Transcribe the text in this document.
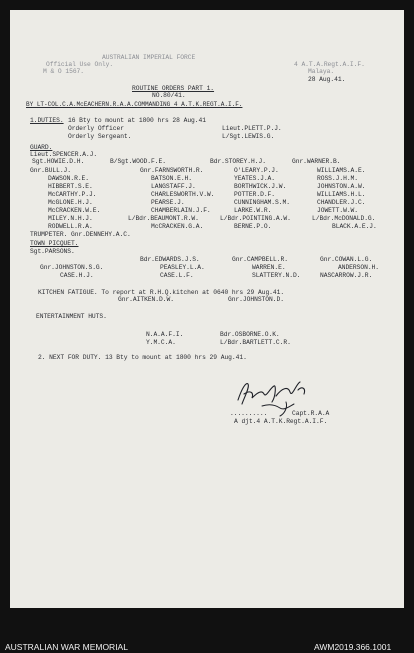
AUSTRALIAN IMPERIAL FORCE
Official Use Only.
M & O 1567.
4 A.T.A.Regt.A.I.F.
Malaya.
28 Aug.41.
ROUTINE ORDERS PART 1.
NO.80/41.
BY LT-COL.C.A.McEACHERN.R.A.A.COMMANDING 4 A.T.K.REGT.A.I.F.
1.DUTIES. 16 Bty to mount at 1800 hrs 28 Aug.41
Orderly Officer	Lieut.PLETT.P.J.
Orderly Sergeant.	L/Sgt.LEWIS.G.
GUARD.
Lieut.SPENCER.A.J.
Sgt.HOWIE.D.H.	B/Sgt.WOOD.F.E.	Bdr.STOREY.H.J.	Gnr.WARNER.B.
Gnr.BULL.J.	Gnr.FARNSWORTH.R.	O'LEARY.P.J.	WILLIAMS.A.E.
DAWSON.R.E.	BATSON.E.H.	YEATES.J.A.	ROSS.J.H.M.
HIBBERT.S.E.	LANGSTAFF.J.	BORTHWICK.J.W.	JOHNSTON.A.W.
McCARTHY.P.J.	CHARLESWORTH.V.W.	POTTER.D.F.	WILLIAMS.H.L.
McGLONE.H.J.	PEARSE.J.	CUNNINGHAM.S.M.	CHANDLER.J.C.
McCRACKEN.W.E.	CHAMBERLAIN.J.F.	LARKE.W.R.	JOWETT.W.W.
MILEY.N.H.J.	L/Bdr.BEAUMONT.R.W.	L/Bdr.POINTING.A.W.	L/Bdr.McDONALD.G.
RODWELL.R.A.	McCRACKEN.G.A.	BERNE.P.O.	BLACK.A.E.J.
TRUMPETER. Gnr.DENNEHY.A.C.
TOWN PICQUET.
Sgt.PARSONS.
Bdr.EDWARDS.J.S.	Gnr.CAMPBELL.R.	Gnr.COWAN.L.G.
Gnr.JOHNSTON.S.G.	PEASLEY.L.A.	WARREN.E.	ANDERSON.H.
CASE.H.J.	CASE.L.F.	SLATTERY.N.D.	NASCARROW.J.R.
KITCHEN FATIGUE. To report at R.H.Q.kitchen at 0640 hrs 29 Aug.41.
Gnr.AITKEN.D.W.	Gnr.JOHNSTON.D.
ENTERTAINMENT HUTS.
N.A.A.F.I.	Bdr.OSBORNE.O.K.
Y.M.C.A.	L/Bdr.BARTLETT.C.R.
2. NEXT FOR DUTY. 13 Bty to mount at 1800 hrs 29 Aug.41.
..........	Capt.R.A.A
A djt.4 A.T.K.Regt.A.I.F.
AUSTRALIAN WAR MEMORIAL	AWM2019.366.1001
